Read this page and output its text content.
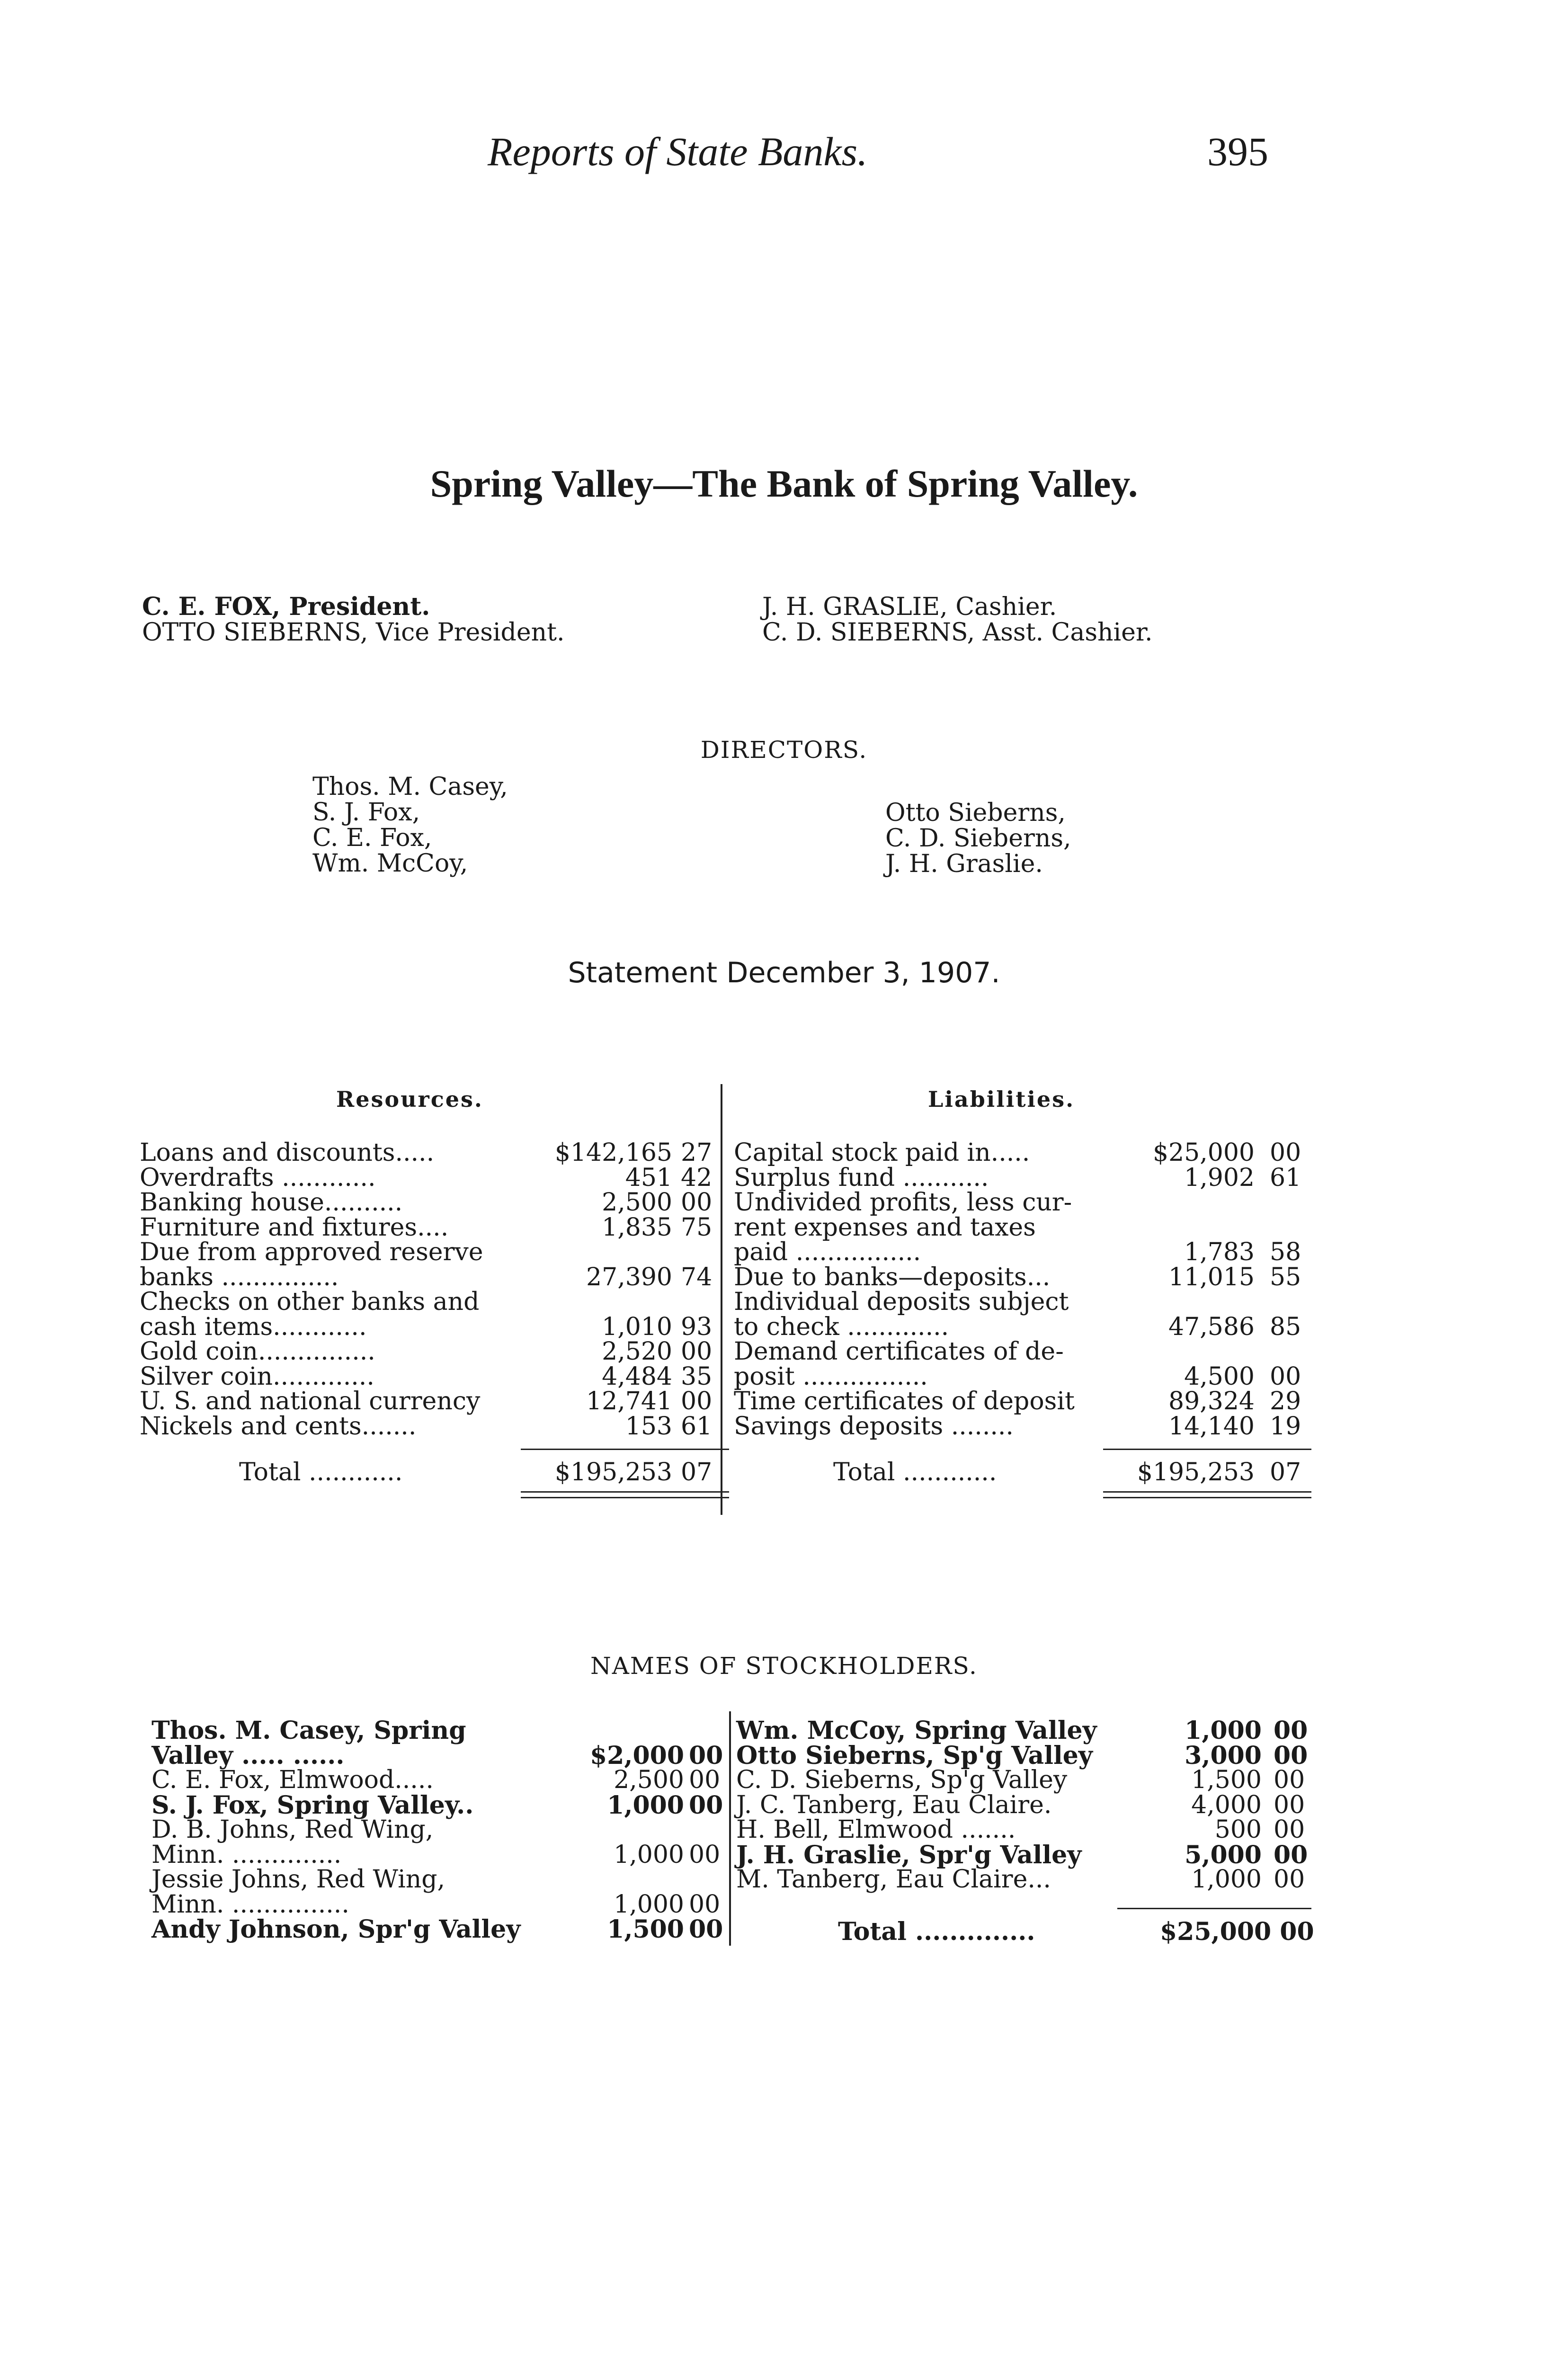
Reports of State Banks.	395
Spring Valley—The Bank of Spring Valley.
C. E. FOX, President.
OTTO SIEBERNS, Vice President.
J. H. GRASLIE, Cashier.
C. D. SIEBERNS, Asst. Cashier.
DIRECTORS.
Thos. M. Casey,
S. J. Fox,
C. E. Fox,
Wm. McCoy,
Otto Sieberns,
C. D. Sieberns,
J. H. Graslie.
Statement December 3, 1907.
Resources.	Liabilities.
Loans and discounts.....	$142,165 27
Overdrafts ............	451 42
Banking house..........	2,500 00
Furniture and fixtures....	1,835 75
Due from approved reserve
banks ...............	27,390 74
Checks on other banks and
cash items............	1,010 93
Gold coin...............	2,520 00
Silver coin.............	4,484 35
U. S. and national currency	12,741 00
Nickels and cents.......	153 61
Total ............	$195,253 07
Capital stock paid in.....	$25,000 00
Surplus fund ...........	1,902 61
Undivided profits, less cur-
rent expenses and taxes
paid ................	1,783 58
Due to banks—deposits...	11,015 55
Individual deposits subject
to check .............	47,586 85
Demand certificates of de-
posit ................	4,500 00
Time certificates of deposit	89,324 29
Savings deposits ........	14,140 19
Total ............	$195,253 07
NAMES OF STOCKHOLDERS.
Thos. M. Casey, Spring
Valley ..... ......	$2,000 00
C. E. Fox, Elmwood.....	2,500 00
S. J. Fox, Spring Valley..	1,000 00
D. B. Johns, Red Wing,
Minn. ..............	1,000 00
Jessie Johns, Red Wing,
Minn. ...............	1,000 00
Andy Johnson, Spr'g Valley	1,500 00
Wm. McCoy, Spring Valley	1,000 00
Otto Sieberns, Sp'g Valley	3,000 00
C. D. Sieberns, Sp'g Valley	1,500 00
J. C. Tanberg, Eau Claire.	4,000 00
H. Bell, Elmwood .......	500 00
J. H. Graslie, Spr'g Valley	5,000 00
M. Tanberg, Eau Claire...	1,000 00
Total ..............	$25,000 00
